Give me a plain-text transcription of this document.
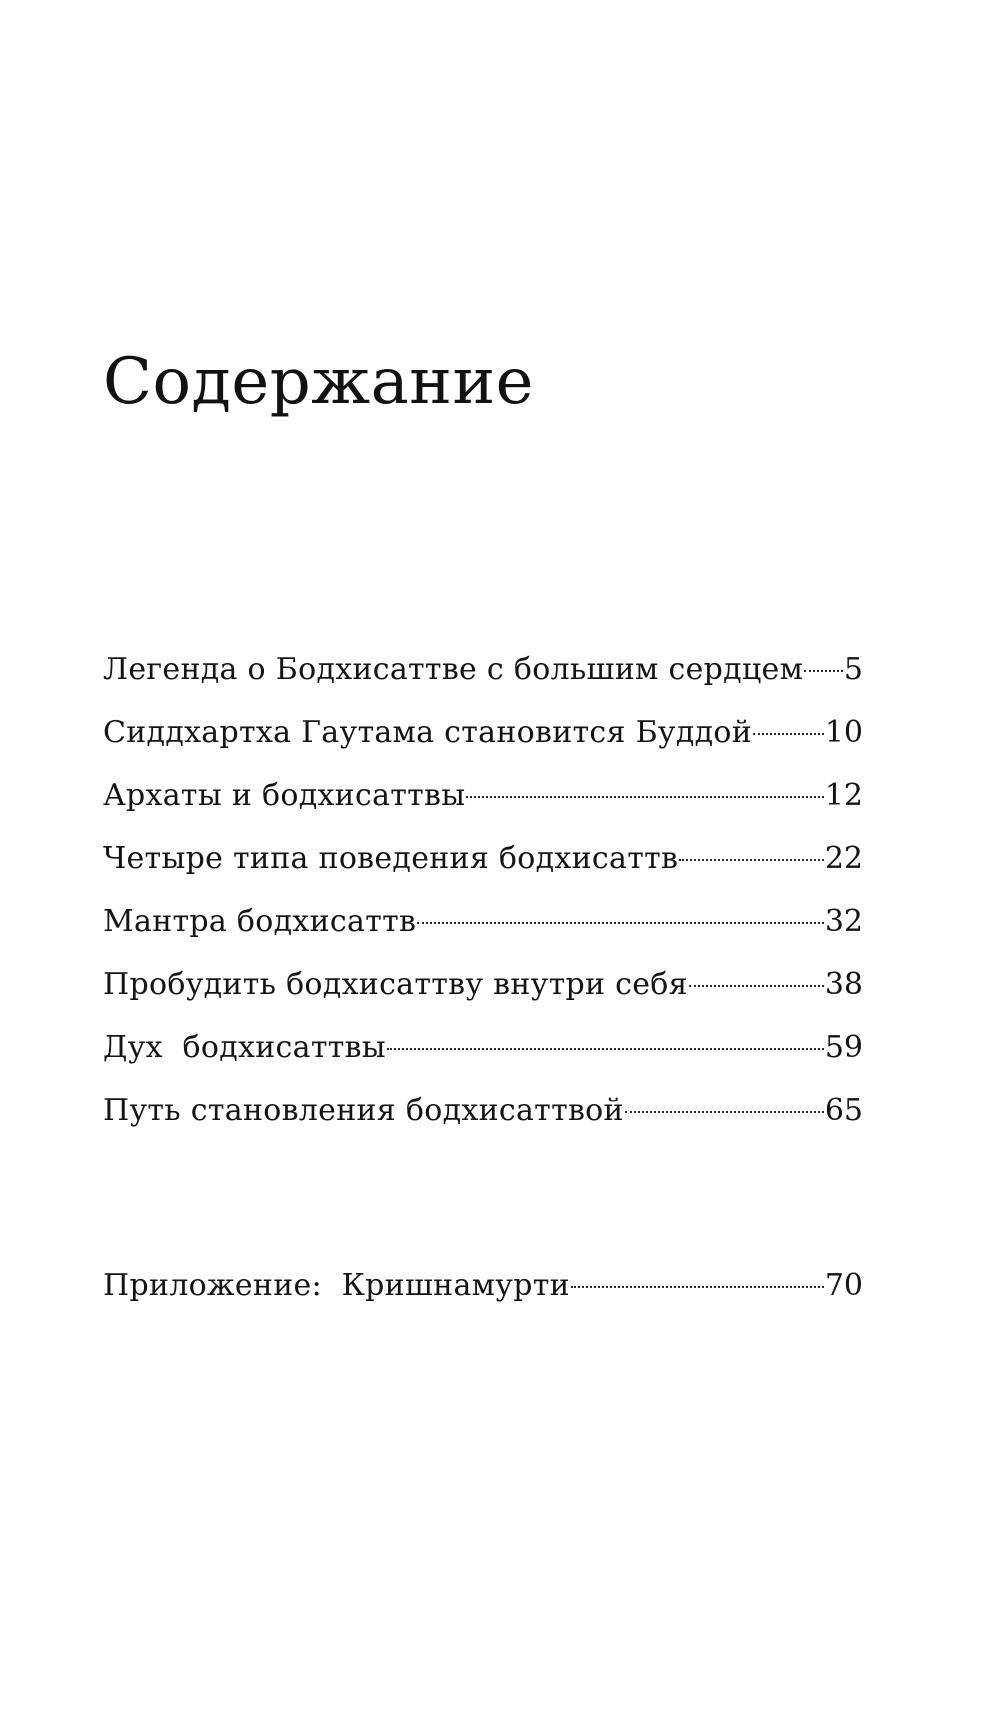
Содержание
Легенда о Бодхисаттве с большим сердцем 5
Сиддхартха Гаутама становится Буддой 10
Архаты и бодхисаттвы	12
Четыре типа поведения бодхисаттв	22
Мантра бодхисаттв	32
Пробудить бодхисаттву внутри себя	38
Дух  бодхисаттвы	59
Путь становления бодхисаттвой	65
Приложение:  Кришнамурти	70
